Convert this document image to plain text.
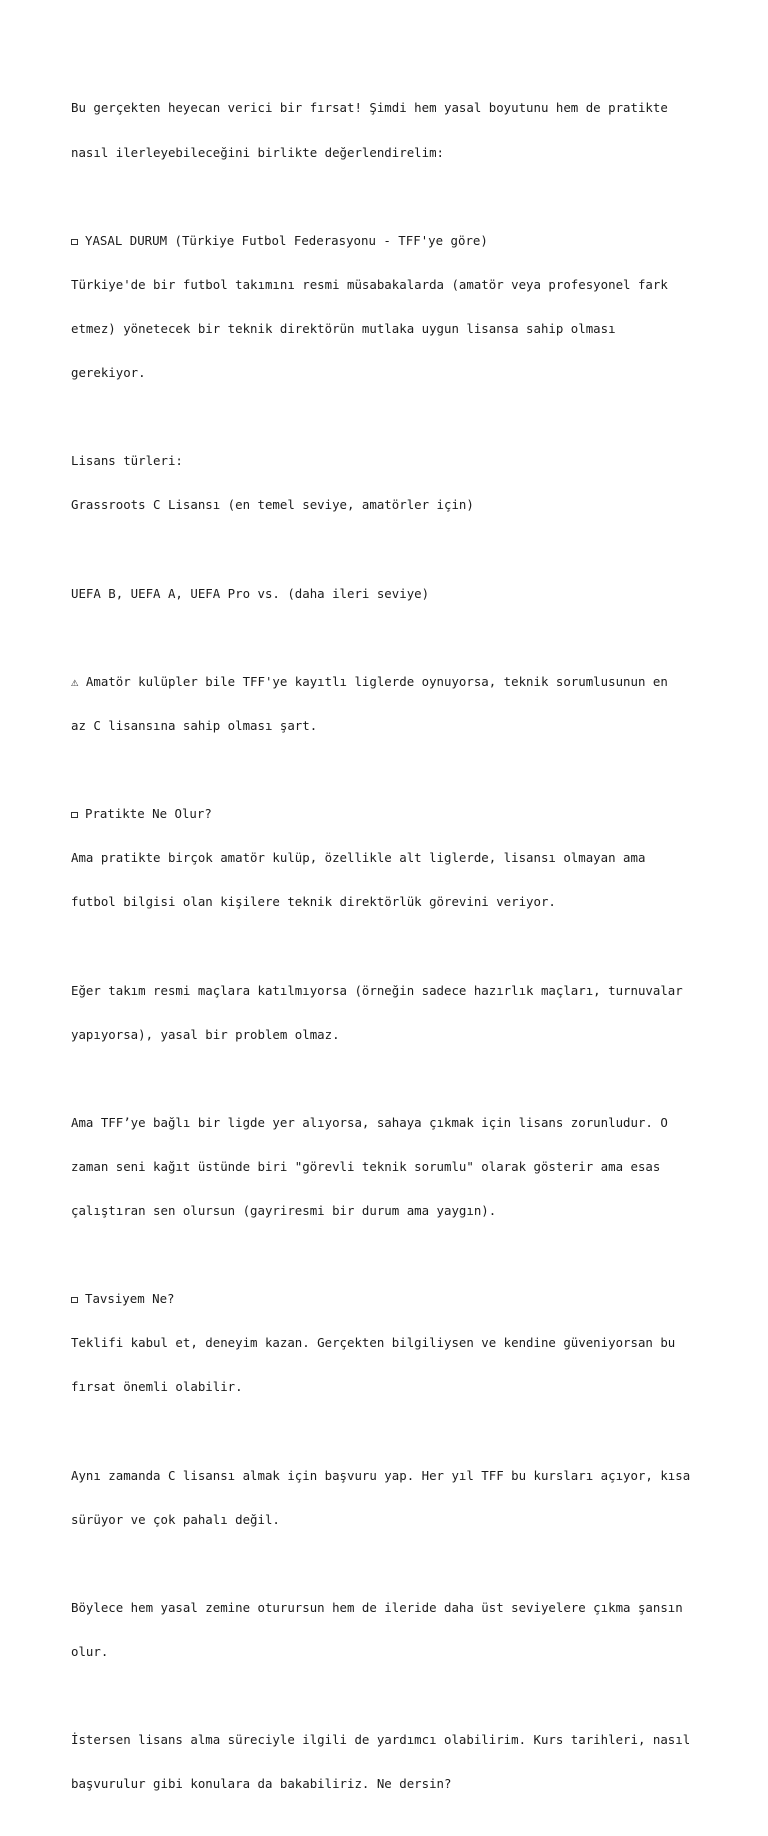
Bu gerçekten heyecan verici bir fırsat! Şimdi hem yasal boyutunu hem de pratikte

nasıl ilerleyebileceğini birlikte değerlendirelim:

YASAL DURUM (Türkiye Futbol Federasyonu - TFF'ye göre)

Türkiye'de bir futbol takımını resmi müsabakalarda (amatör veya profesyonel fark

etmez) yönetecek bir teknik direktörün mutlaka uygun lisansa sahip olması

gerekiyor.

Lisans türleri:

Grassroots C Lisansı (en temel seviye, amatörler için)

UEFA B, UEFA A, UEFA Pro vs. (daha ileri seviye)

⚠ Amatör kulüpler bile TFF'ye kayıtlı liglerde oynuyorsa, teknik sorumlusunun en

az C lisansına sahip olması şart.

Pratikte Ne Olur?

Ama pratikte birçok amatör kulüp, özellikle alt liglerde, lisansı olmayan ama

futbol bilgisi olan kişilere teknik direktörlük görevini veriyor.

Eğer takım resmi maçlara katılmıyorsa (örneğin sadece hazırlık maçları, turnuvalar

yapıyorsa), yasal bir problem olmaz.

Ama TFF’ye bağlı bir ligde yer alıyorsa, sahaya çıkmak için lisans zorunludur. O

zaman seni kağıt üstünde biri "görevli teknik sorumlu" olarak gösterir ama esas

çalıştıran sen olursun (gayriresmi bir durum ama yaygın).

Tavsiyem Ne?

Teklifi kabul et, deneyim kazan. Gerçekten bilgiliysen ve kendine güveniyorsan bu

fırsat önemli olabilir.

Aynı zamanda C lisansı almak için başvuru yap. Her yıl TFF bu kursları açıyor, kısa

sürüyor ve çok pahalı değil.

Böylece hem yasal zemine oturursun hem de ileride daha üst seviyelere çıkma şansın

olur.

İstersen lisans alma süreciyle ilgili de yardımcı olabilirim. Kurs tarihleri, nasıl

başvurulur gibi konulara da bakabiliriz. Ne dersin?
